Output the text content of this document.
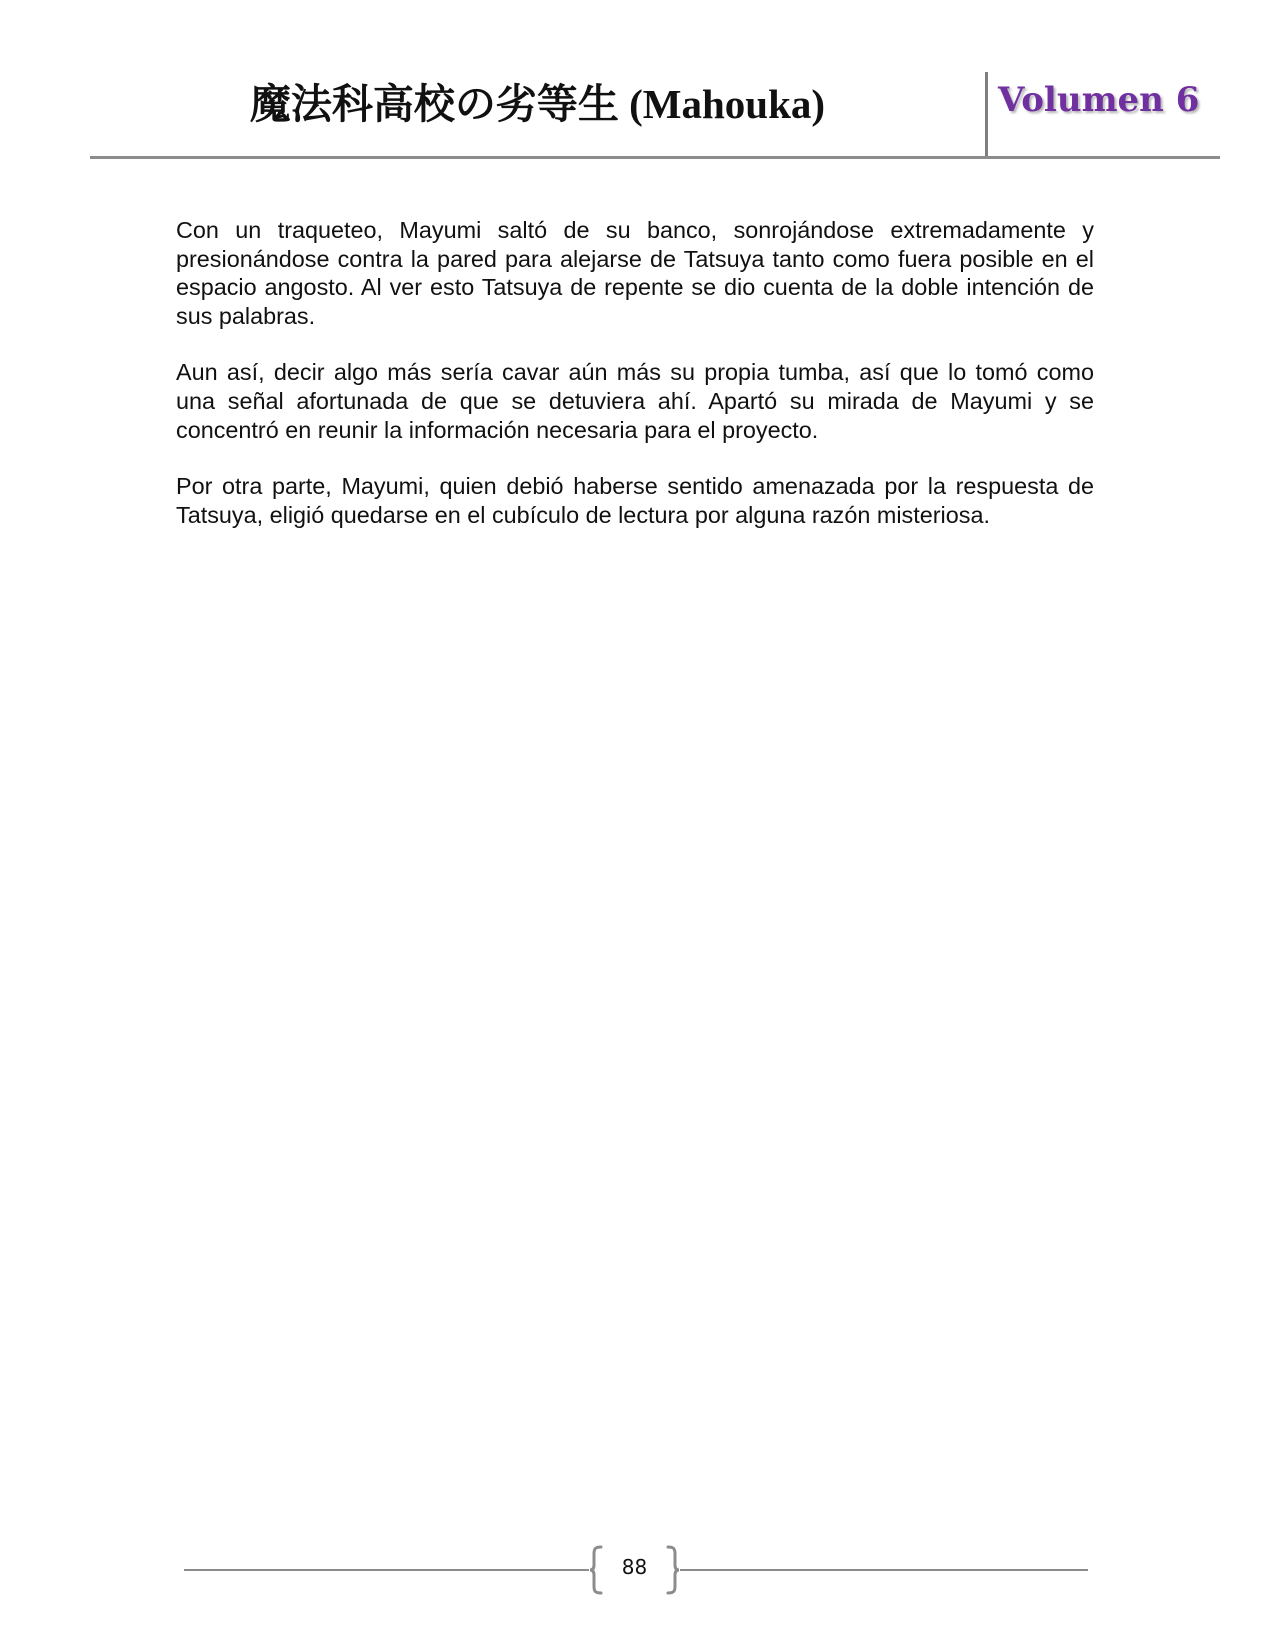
魔法科高校の劣等生 (Mahouka)	Volumen 6

Con un traqueteo, Mayumi saltó de su banco, sonrojándose extremadamente y presionándose contra la pared para alejarse de Tatsuya tanto como fuera posible en el espacio angosto. Al ver esto Tatsuya de repente se dio cuenta de la doble intención de sus palabras.

Aun así, decir algo más sería cavar aún más su propia tumba, así que lo tomó como una señal afortunada de que se detuviera ahí. Apartó su mirada de Mayumi y se concentró en reunir la información necesaria para el proyecto.

Por otra parte, Mayumi, quien debió haberse sentido amenazada por la respuesta de Tatsuya, eligió quedarse en el cubículo de lectura por alguna razón misteriosa.

88
